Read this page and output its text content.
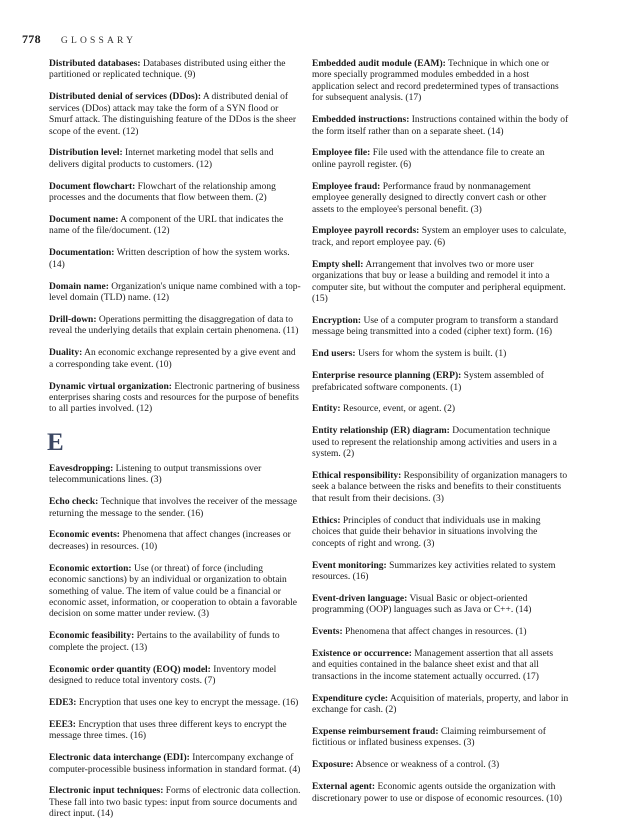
778 GLOSSARY

Distributed databases: Databases distributed using either the partitioned or replicated technique. (9)

Distributed denial of services (DDos): A distributed denial of services (DDos) attack may take the form of a SYN flood or Smurf attack. The distinguishing feature of the DDos is the sheer scope of the event. (12)

Distribution level: Internet marketing model that sells and delivers digital products to customers. (12)

Document flowchart: Flowchart of the relationship among processes and the documents that flow between them. (2)

Document name: A component of the URL that indicates the name of the file/document. (12)

Documentation: Written description of how the system works. (14)

Domain name: Organization's unique name combined with a top-level domain (TLD) name. (12)

Drill-down: Operations permitting the disaggregation of data to reveal the underlying details that explain certain phenomena. (11)

Duality: An economic exchange represented by a give event and a corresponding take event. (10)

Dynamic virtual organization: Electronic partnering of business enterprises sharing costs and resources for the purpose of benefits to all parties involved. (12)

E

Eavesdropping: Listening to output transmissions over telecommunications lines. (3)

Echo check: Technique that involves the receiver of the message returning the message to the sender. (16)

Economic events: Phenomena that affect changes (increases or decreases) in resources. (10)

Economic extortion: Use (or threat) of force (including economic sanctions) by an individual or organization to obtain something of value. The item of value could be a financial or economic asset, information, or cooperation to obtain a favorable decision on some matter under review. (3)

Economic feasibility: Pertains to the availability of funds to complete the project. (13)

Economic order quantity (EOQ) model: Inventory model designed to reduce total inventory costs. (7)

EDE3: Encryption that uses one key to encrypt the message. (16)

EEE3: Encryption that uses three different keys to encrypt the message three times. (16)

Electronic data interchange (EDI): Intercompany exchange of computer-processible business information in standard format. (4)

Electronic input techniques: Forms of electronic data collection. These fall into two basic types: input from source documents and direct input. (14)

Embedded audit module (EAM): Technique in which one or more specially programmed modules embedded in a host application select and record predetermined types of transactions for subsequent analysis. (17)

Embedded instructions: Instructions contained within the body of the form itself rather than on a separate sheet. (14)

Employee file: File used with the attendance file to create an online payroll register. (6)

Employee fraud: Performance fraud by nonmanagement employee generally designed to directly convert cash or other assets to the employee's personal benefit. (3)

Employee payroll records: System an employer uses to calculate, track, and report employee pay. (6)

Empty shell: Arrangement that involves two or more user organizations that buy or lease a building and remodel it into a computer site, but without the computer and peripheral equipment. (15)

Encryption: Use of a computer program to transform a standard message being transmitted into a coded (cipher text) form. (16)

End users: Users for whom the system is built. (1)

Enterprise resource planning (ERP): System assembled of prefabricated software components. (1)

Entity: Resource, event, or agent. (2)

Entity relationship (ER) diagram: Documentation technique used to represent the relationship among activities and users in a system. (2)

Ethical responsibility: Responsibility of organization managers to seek a balance between the risks and benefits to their constituents that result from their decisions. (3)

Ethics: Principles of conduct that individuals use in making choices that guide their behavior in situations involving the concepts of right and wrong. (3)

Event monitoring: Summarizes key activities related to system resources. (16)

Event-driven language: Visual Basic or object-oriented programming (OOP) languages such as Java or C++. (14)

Events: Phenomena that affect changes in resources. (1)

Existence or occurrence: Management assertion that all assets and equities contained in the balance sheet exist and that all transactions in the income statement actually occurred. (17)

Expenditure cycle: Acquisition of materials, property, and labor in exchange for cash. (2)

Expense reimbursement fraud: Claiming reimbursement of fictitious or inflated business expenses. (3)

Exposure: Absence or weakness of a control. (3)

External agent: Economic agents outside the organization with discretionary power to use or dispose of economic resources. (10)
